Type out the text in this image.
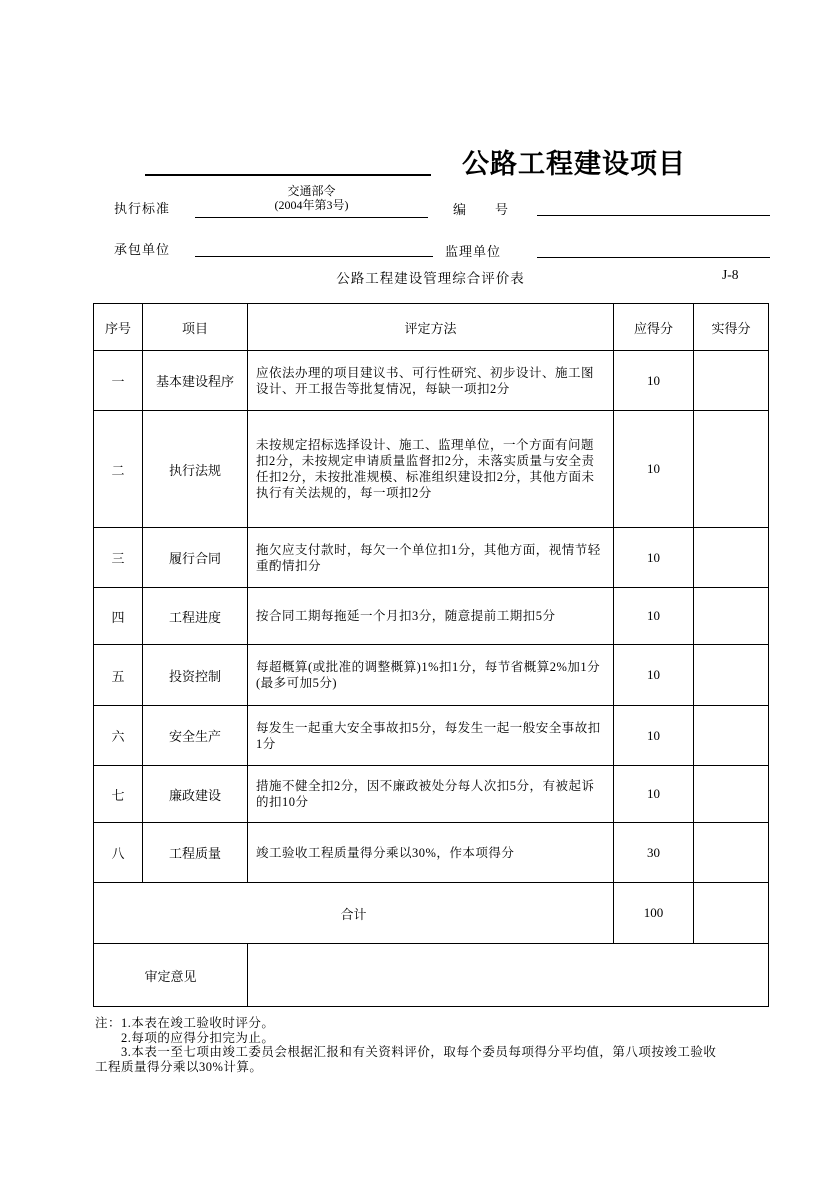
公路工程建设项目
执行标准
交通部令
(2004年第3号)	编　　号
承包单位	监理单位
公路工程建设管理综合评价表	J-8
序号	项目	评定方法	应得分	实得分
一	基本建设程序	应依法办理的项目建议书、可行性研究、初步设计、施工图设计、开工报告等批复情况，每缺一项扣2分	10	
二	执行法规	未按规定招标选择设计、施工、监理单位，一个方面有问题扣2分，未按规定申请质量监督扣2分，未落实质量与安全责任扣2分，未按批准规模、标准组织建设扣2分，其他方面未执行有关法规的，每一项扣2分	10	
三	履行合同	拖欠应支付款时，每欠一个单位扣1分，其他方面，视情节轻重酌情扣分	10	
四	工程进度	按合同工期每拖延一个月扣3分，随意提前工期扣5分	10	
五	投资控制	每超概算(或批准的调整概算)1%扣1分，每节省概算2%加1分(最多可加5分)	10	
六	安全生产	每发生一起重大安全事故扣5分，每发生一起一般安全事故扣1分	10	
七	廉政建设	措施不健全扣2分，因不廉政被处分每人次扣5分，有被起诉的扣10分	10	
八	工程质量	竣工验收工程质量得分乘以30%，作本项得分	30	
合计			100	
审定意见				
注：1.本表在竣工验收时评分。
　　2.每项的应得分扣完为止。
　　3.本表一至七项由竣工委员会根据汇报和有关资料评价，取每个委员每项得分平均值，第八项按竣工验收
工程质量得分乘以30%计算。
